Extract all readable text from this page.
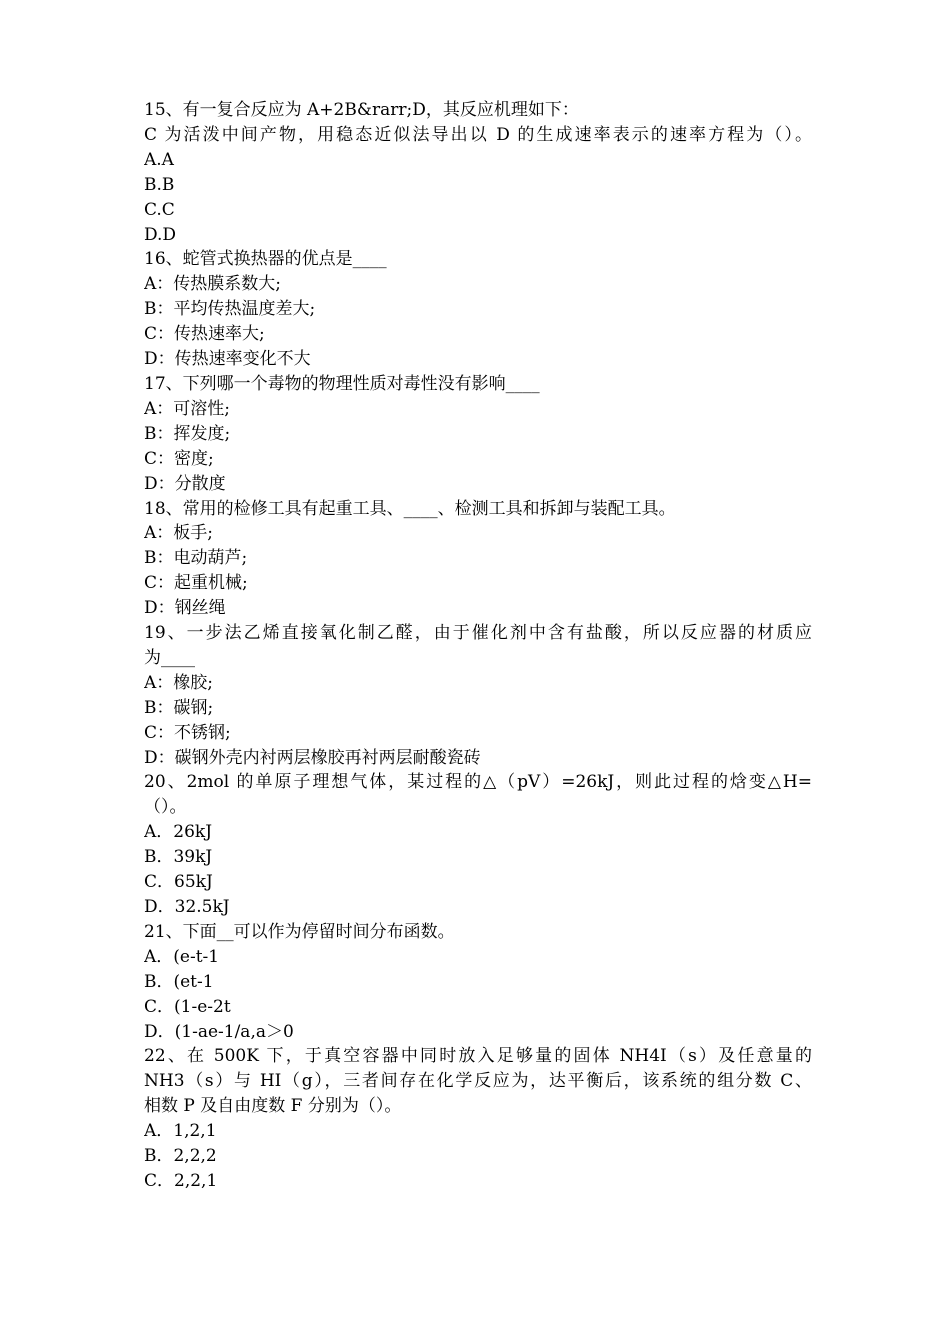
15、有一复合反应为 A+2B&rarr;D，其反应机理如下：
C 为活泼中间产物，用稳态近似法导出以 D 的生成速率表示的速率方程为（）。
A.A
B.B
C.C
D.D
16、蛇管式换热器的优点是____
A：传热膜系数大;
B：平均传热温度差大;
C：传热速率大;
D：传热速率变化不大
17、下列哪一个毒物的物理性质对毒性没有影响____
A：可溶性;
B：挥发度;
C：密度;
D：分散度
18、常用的检修工具有起重工具、____、检测工具和拆卸与装配工具。
A：板手;
B：电动葫芦;
C：起重机械;
D：钢丝绳
19、一步法乙烯直接氧化制乙醛，由于催化剂中含有盐酸，所以反应器的材质应
为____
A：橡胶;
B：碳钢;
C：不锈钢;
D：碳钢外壳内衬两层橡胶再衬两层耐酸瓷砖
20、2mol 的单原子理想气体，某过程的△（pV）=26kJ，则此过程的焓变△H=
（）。
A．26kJ
B．39kJ
C．65kJ
D．32.5kJ
21、下面__可以作为停留时间分布函数。
A．(e-t-1
B．(et-1
C．(1-e-2t
D．(1-ae-1/a,a＞0
22、在 500K 下，于真空容器中同时放入足够量的固体 NH4I（s）及任意量的
NH3（s）与 HI（g），三者间存在化学反应为，达平衡后，该系统的组分数 C、
相数 P 及自由度数 F 分别为（）。
A．1,2,1
B．2,2,2
C．2,2,1
